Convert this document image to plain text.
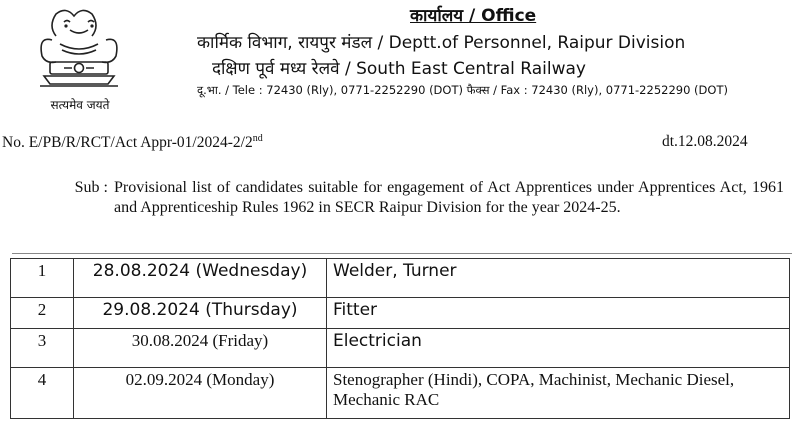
सत्यमेव जयते
कार्यालय / Office
कार्मिक विभाग, रायपुर मंडल / Deptt.of Personnel, Raipur Division
दक्षिण पूर्व मध्य रेलवे / South East Central Railway
दू.भा. / Tele : 72430 (Rly), 0771-2252290 (DOT) फैक्स / Fax : 72430 (Rly), 0771-2252290 (DOT)
No. E/PB/R/RCT/Act Appr-01/2024-2/2nd	dt.12.08.2024
Sub : Provisional list of candidates suitable for engagement of Act Apprentices under Apprentices Act, 1961 and Apprenticeship Rules 1962 in SECR Raipur Division for the year 2024-25.
1	28.08.2024 (Wednesday)	Welder, Turner
2	29.08.2024 (Thursday)	Fitter
3	30.08.2024 (Friday)	Electrician
4	02.09.2024 (Monday)	Stenographer (Hindi), COPA, Machinist, Mechanic Diesel, Mechanic RAC
